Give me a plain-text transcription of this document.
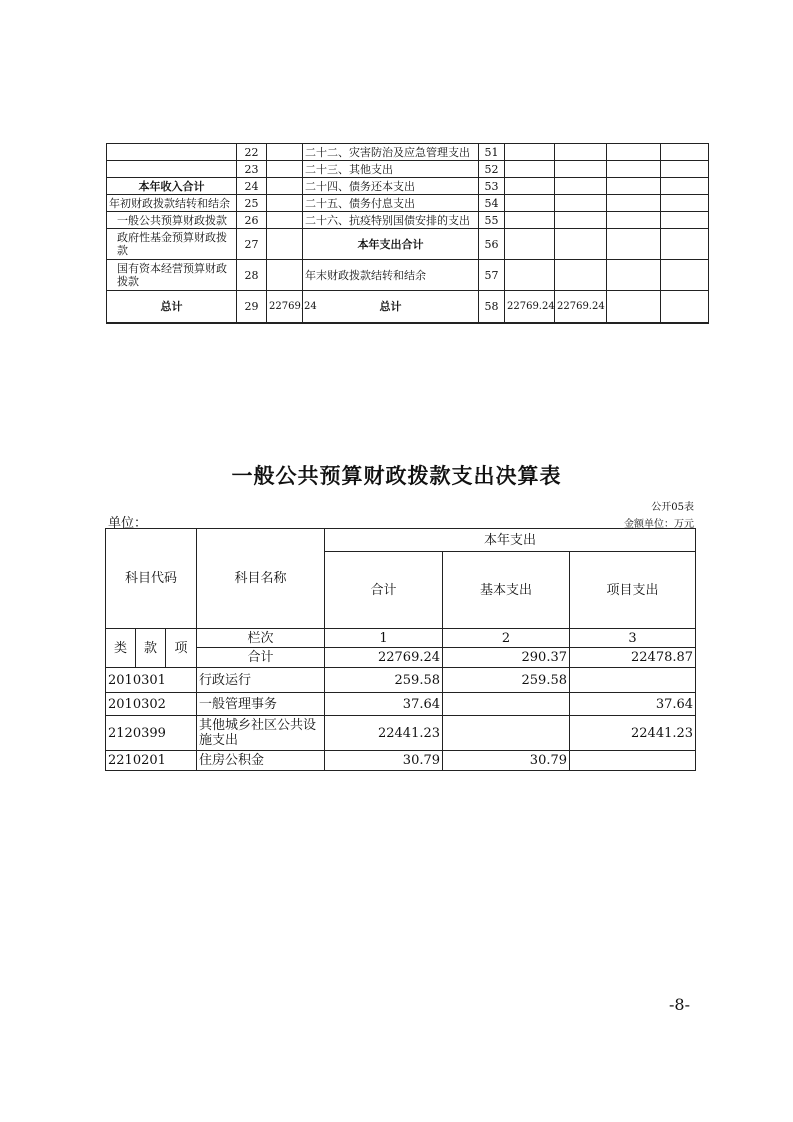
	22		二十二、灾害防治及应急管理支出	51				
	23		二十三、其他支出	52				
本年收入合计	24		二十四、债务还本支出	53				
年初财政拨款结转和结余	25		二十五、债务付息支出	54				
一般公共预算财政拨款	26		二十六、抗疫特别国债安排的支出	55				
政府性基金预算财政拨款	27		本年支出合计	56				
国有资本经营预算财政拨款	28		年末财政拨款结转和结余	57				
总计	29	22769.24	总计	58	22769.24	22769.24		
一般公共预算财政拨款支出决算表
公开05表
单位：	金额单位：万元
科目代码			科目名称	本年支出		
				合计	基本支出	项目支出
类	款	项	栏次	1	2	3
			合计	22769.24	290.37	22478.87
2010301			行政运行	259.58	259.58	
2010302			一般管理事务	37.64		37.64
2120399			其他城乡社区公共设施支出	22441.23		22441.23
2210201			住房公积金	30.79	30.79	
-8-
